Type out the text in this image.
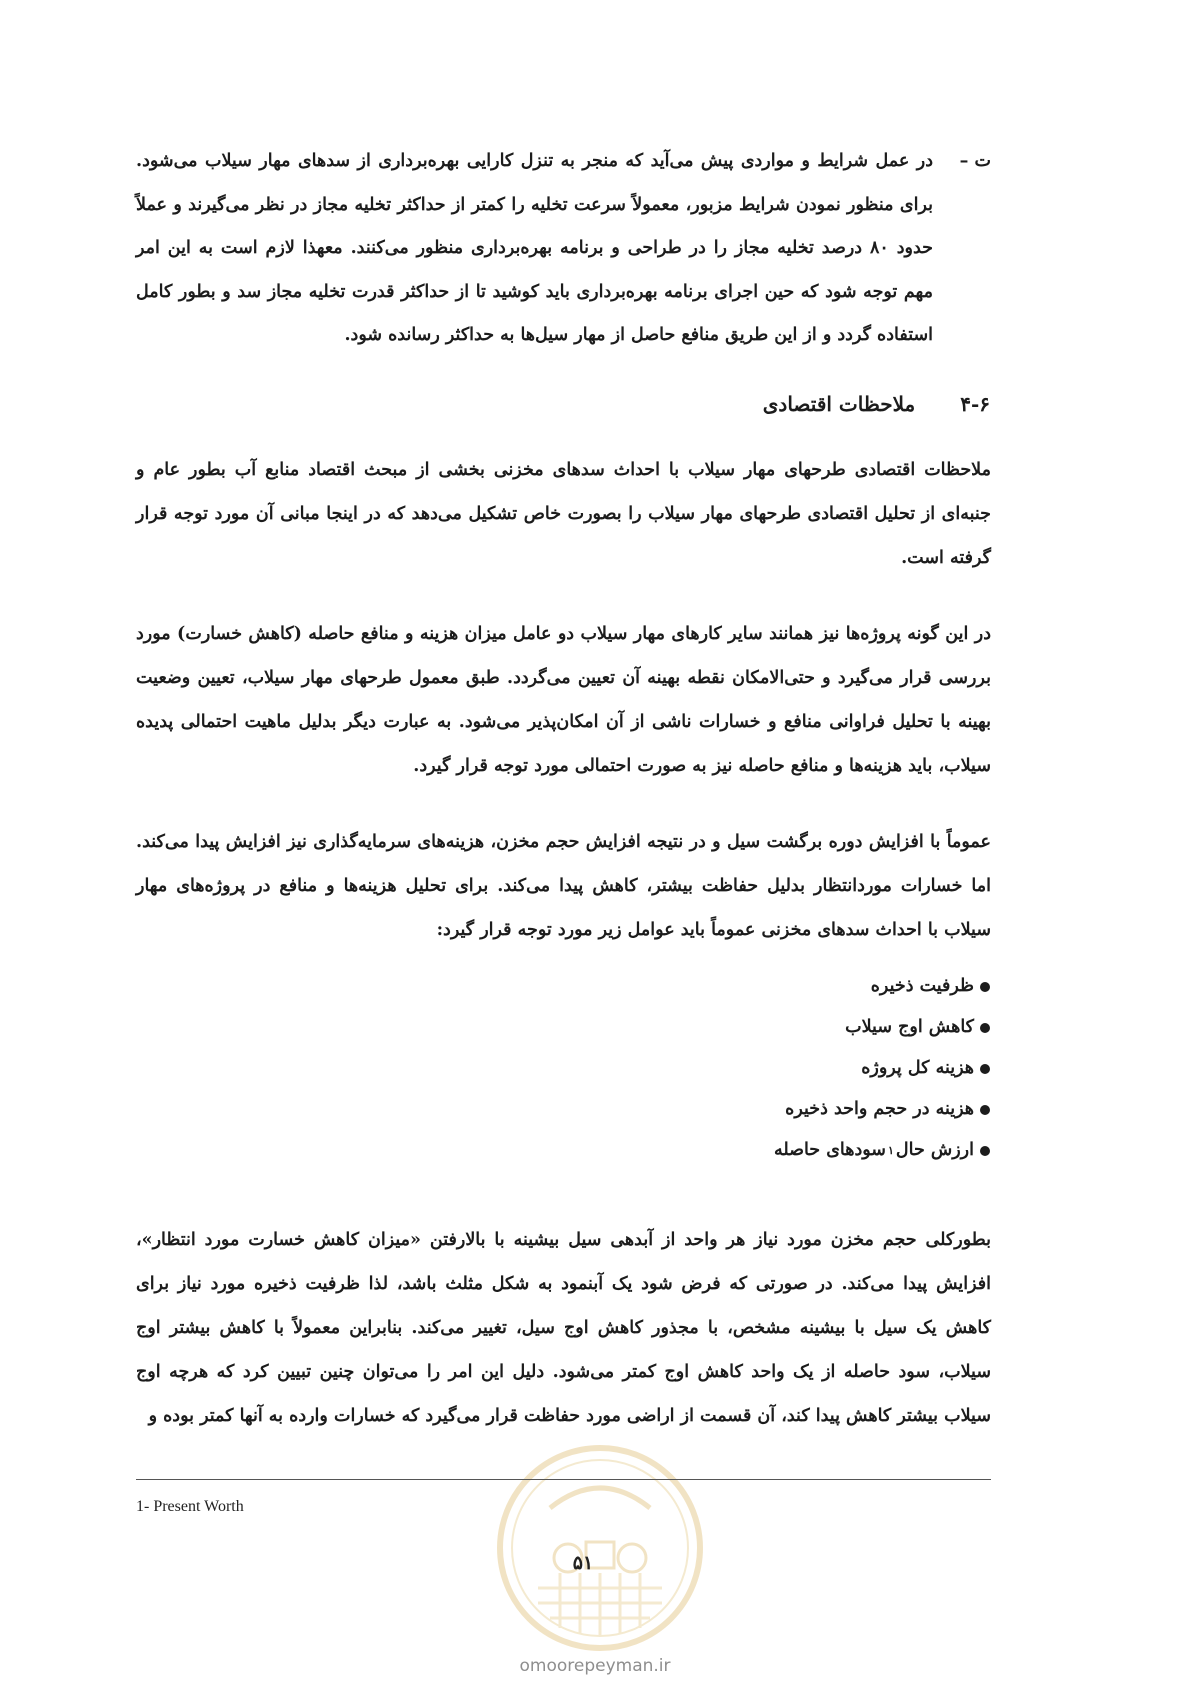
ت –
در عمل شرایط و مواردی پیش می‌آید که منجر به تنزل کارایی بهره‌برداری از سدهای مهار سیلاب می‌شود. برای منظور نمودن شرایط مزبور، معمولاً سرعت تخلیه را کمتر از حداکثر تخلیه مجاز در نظر می‌گیرند و عملاً حدود ۸۰ درصد تخلیه مجاز را در طراحی و برنامه بهره‌برداری منظور می‌کنند. معهذا لازم است به این امر مهم توجه شود که حین اجرای برنامه بهره‌برداری باید کوشید تا از حداکثر قدرت تخلیه مجاز سد و بطور کامل استفاده گردد و از این طریق منافع حاصل از مهار سیل‌ها به حداکثر رسانده شود.
۴-۶ ملاحظات اقتصادی
ملاحظات اقتصادی طرحهای مهار سیلاب با احداث سدهای مخزنی بخشی از مبحث اقتصاد منابع آب بطور عام و جنبه‌ای از تحلیل اقتصادی طرحهای مهار سیلاب را بصورت خاص تشکیل می‌دهد که در اینجا مبانی آن مورد توجه قرار گرفته است.
در این گونه پروژه‌ها نیز همانند سایر کارهای مهار سیلاب دو عامل میزان هزینه و منافع حاصله (کاهش خسارت) مورد بررسی قرار می‌گیرد و حتی‌الامکان نقطه بهینه آن تعیین می‌گردد. طبق معمول طرحهای مهار سیلاب، تعیین وضعیت بهینه با تحلیل فراوانی منافع و خسارات ناشی از آن امکان‌پذیر می‌شود. به عبارت دیگر بدلیل ماهیت احتمالی پدیده سیلاب، باید هزینه‌ها و منافع حاصله نیز به صورت احتمالی مورد توجه قرار گیرد.
عموماً با افزایش دوره برگشت سیل و در نتیجه افزایش حجم مخزن، هزینه‌های سرمایه‌گذاری نیز افزایش پیدا می‌کند. اما خسارات موردانتظار بدلیل حفاظت بیشتر، کاهش پیدا می‌کند. برای تحلیل هزینه‌ها و منافع در پروژه‌های مهار سیلاب با احداث سدهای مخزنی عموماً باید عوامل زیر مورد توجه قرار گیرد:
ظرفیت ذخیره
کاهش اوج سیلاب
هزینه کل پروژه
هزینه در حجم واحد ذخیره
ارزش حال
۱
سودهای حاصله
بطورکلی حجم مخزن مورد نیاز هر واحد از آبدهی سیل بیشینه با بالارفتن «میزان کاهش خسارت مورد انتظار»، افزایش پیدا می‌کند. در صورتی که فرض شود یک آبنمود به شکل مثلث باشد، لذا ظرفیت ذخیره مورد نیاز برای کاهش یک سیل با بیشینه مشخص، با مجذور کاهش اوج سیل، تغییر می‌کند. بنابراین معمولاً با کاهش بیشتر اوج سیلاب، سود حاصله از یک واحد کاهش اوج کمتر می‌شود. دلیل این امر را می‌توان چنین تبیین کرد که هرچه اوج سیلاب بیشتر کاهش پیدا کند، آن قسمت از اراضی مورد حفاظت قرار می‌گیرد که خسارات وارده به آنها کمتر بوده و
1- Present Worth
۵۱
omoorepeyman.ir
